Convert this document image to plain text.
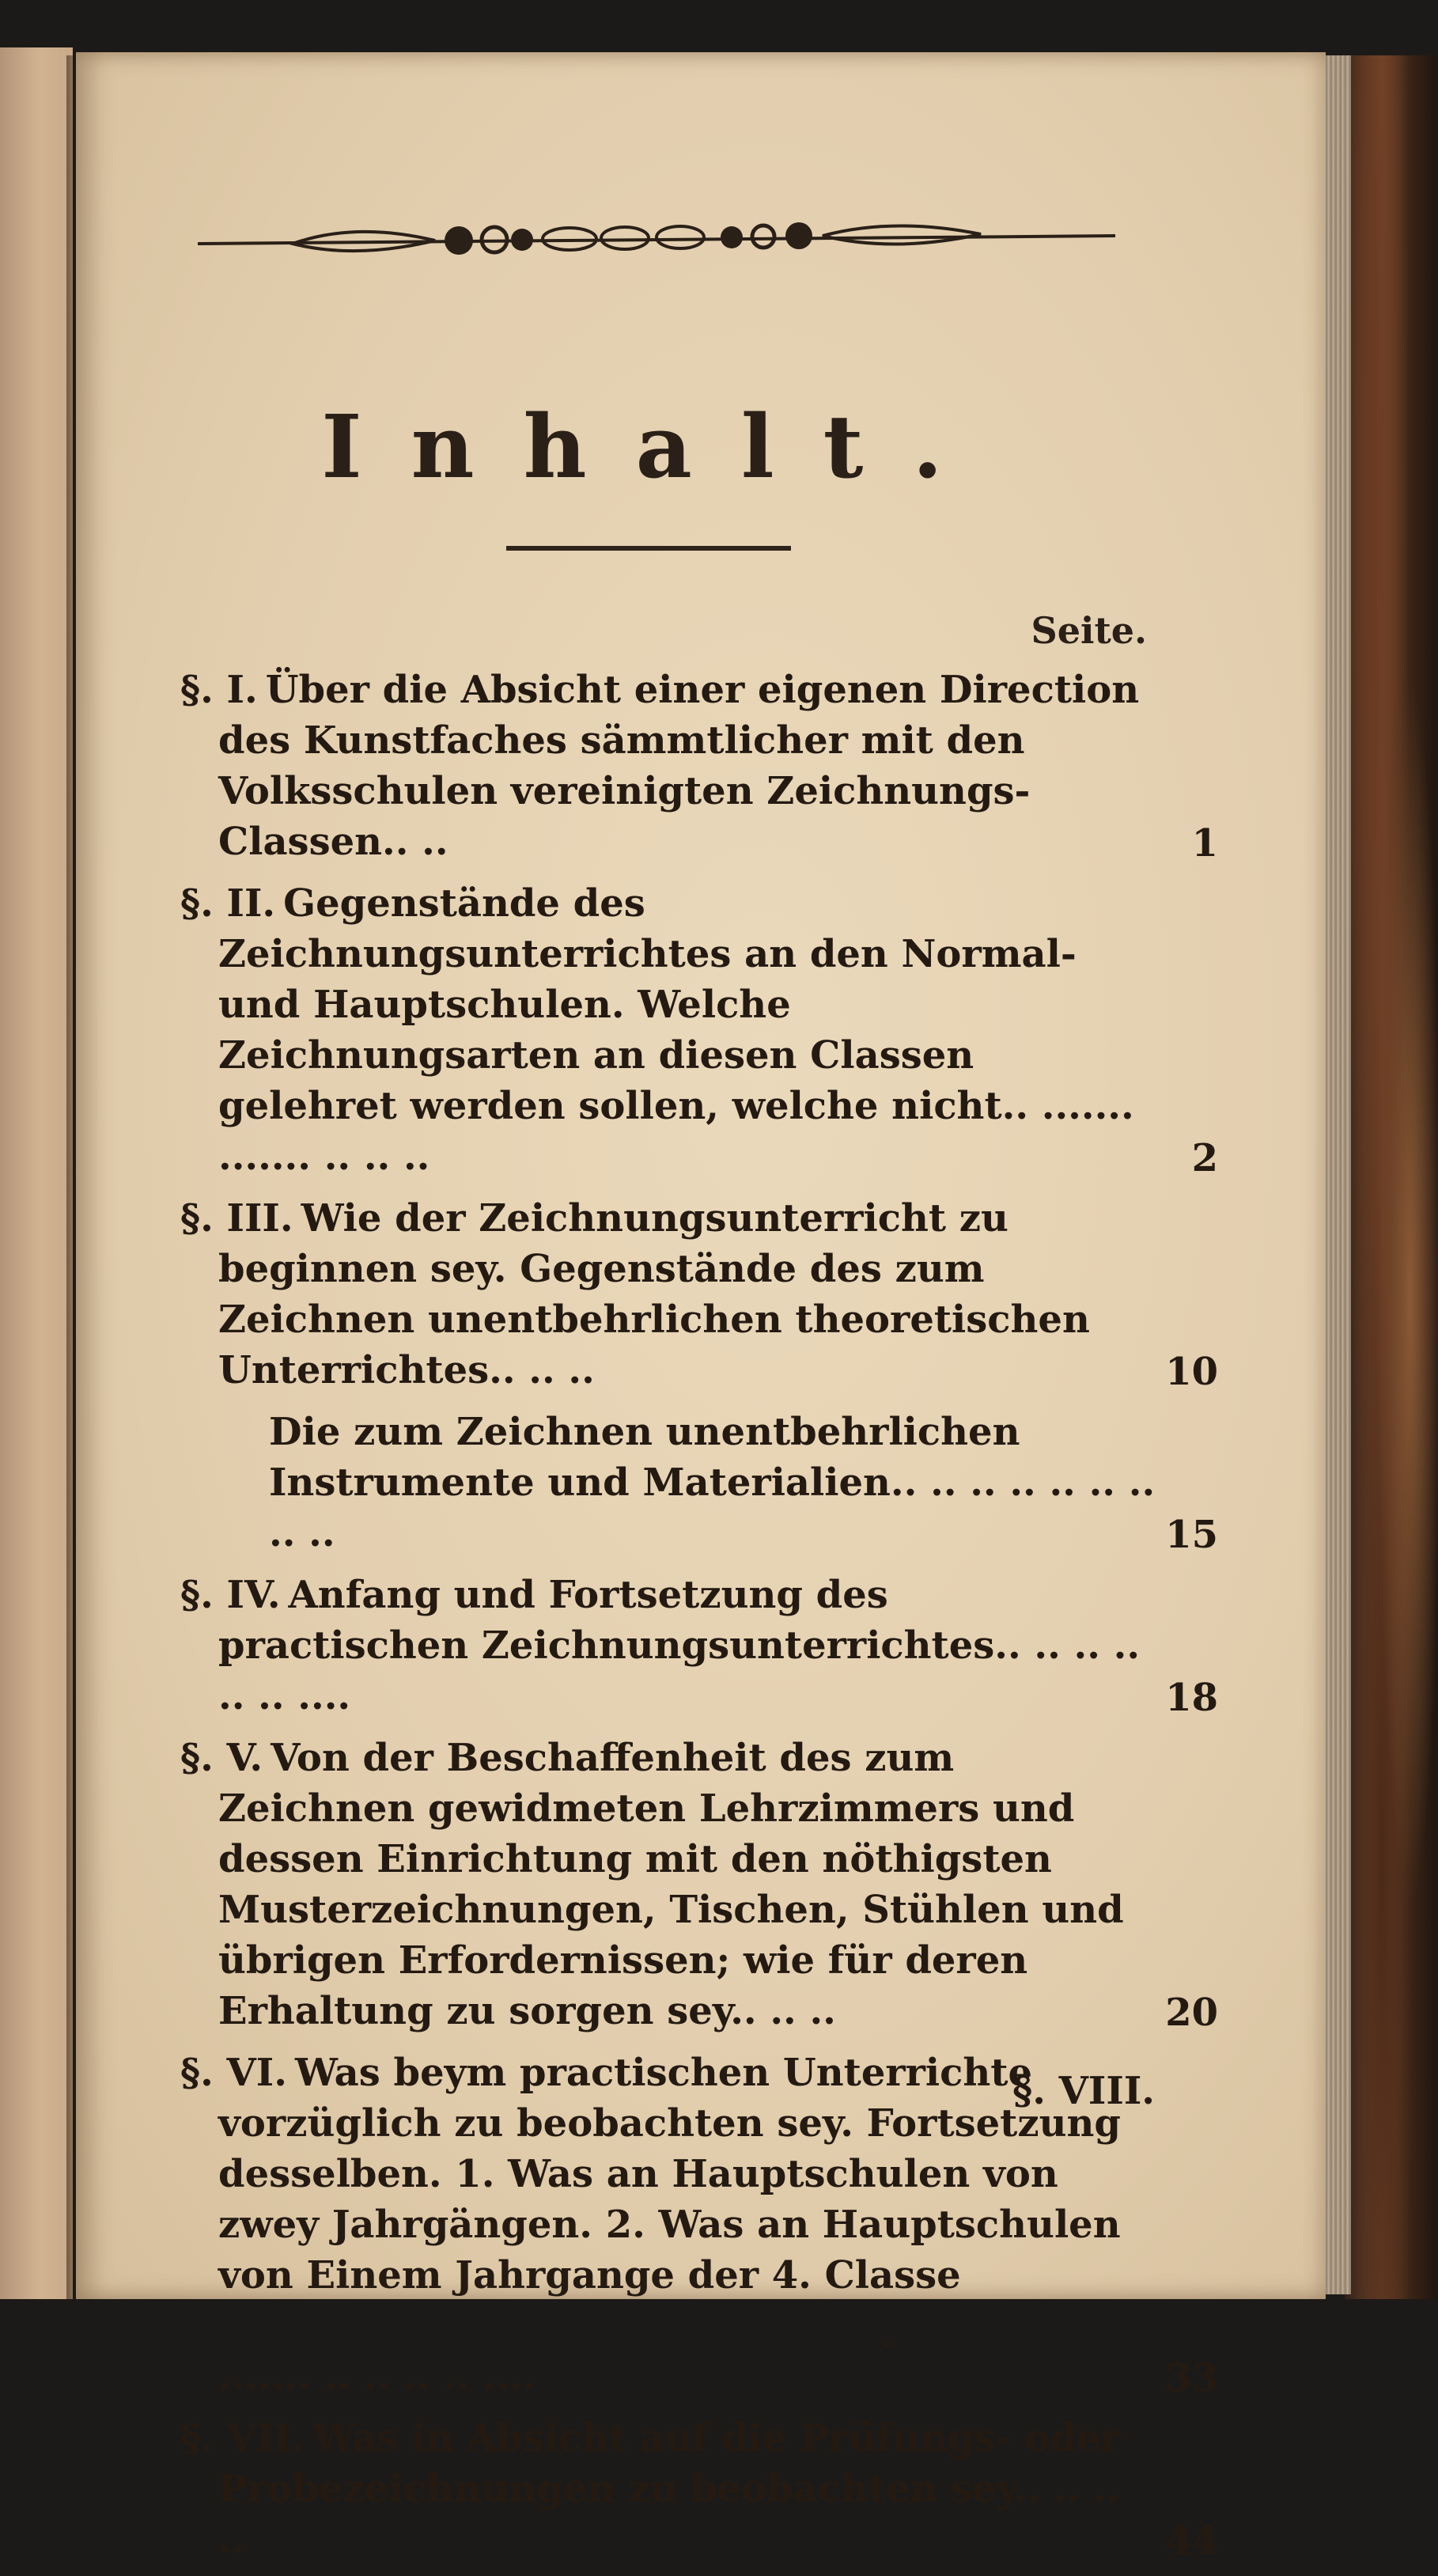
Inhalt.
Seite.
§. I. Über die Absicht einer eigenen Direction des Kunstfaches sämmtlicher mit den Volksschulen vereinigten Zeichnungs-Classen.. ..	1
§. II. Gegenstände des Zeichnungsunterrichtes an den Normal- und Hauptschulen. Welche Zeichnungsarten an diesen Classen gelehret werden sollen, welche nicht.. ....... ....... .. .. ..	2
§. III. Wie der Zeichnungsunterricht zu beginnen sey. Gegenstände des zum Zeichnen unentbehrlichen theoretischen Unterrichtes.. .. ..	10
Die zum Zeichnen unentbehrlichen Instrumente und Materialien.. .. .. .. .. .. .. .. ..	15
§. IV. Anfang und Fortsetzung des practischen Zeichnungsunterrichtes.. .. .. .. .. .. ....	18
§. V. Von der Beschaffenheit des zum Zeichnen gewidmeten Lehrzimmers und dessen Einrichtung mit den nöthigsten Musterzeichnungen, Tischen, Stühlen und übrigen Erfordernissen; wie für deren Erhaltung zu sorgen sey.. .. ..	20
§. VI. Was beym practischen Unterrichte vorzüglich zu beobachten sey. Fortsetzung desselben. 1. Was an Hauptschulen von zwey Jahrgängen. 2. Was an Hauptschulen von Einem Jahrgange der 4. Classe ....... .. .. .. .. ....	33
§. VII. Was in Absicht auf die Prüfungs- oder Probezeichnungen zu beobachten sey.. .. .. ..	44
§. VIII.
